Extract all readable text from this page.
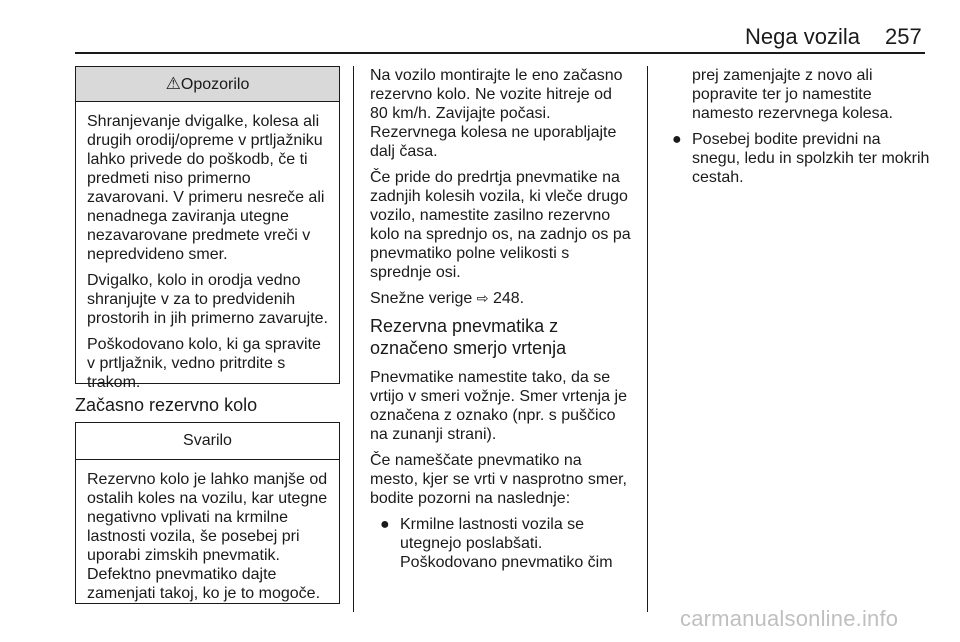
Nega vozila 257
⚠Opozorilo

Shranjevanje dvigalke, kolesa ali drugih orodij/opreme v prtljažniku lahko privede do poškodb, če ti predmeti niso primerno zavarovani. V primeru nesreče ali nenadnega zaviranja utegne nezavarovane predmete vreči v nepredvideno smer.

Dvigalko, kolo in orodja vedno shranjujte v za to predvidenih prostorih in jih primerno zavarujte.

Poškodovano kolo, ki ga spravite v prtljažnik, vedno pritrdite s trakom.

Začasno rezervno kolo
Svarilo

Rezervno kolo je lahko manjše od ostalih koles na vozilu, kar utegne negativno vplivati na krmilne lastnosti vozila, še posebej pri uporabi zimskih pnevmatik. Defektno pnevmatiko dajte zamenjati takoj, ko je to mogoče.

Na vozilo montirajte le eno začasno rezervno kolo. Ne vozite hitreje od 80 km/h. Zavijajte počasi. Rezervnega kolesa ne uporabljajte dalj časa.

Če pride do predrtja pnevmatike na zadnjih kolesih vozila, ki vleče drugo vozilo, namestite zasilno rezervno kolo na sprednjo os, na zadnjo os pa pnevmatiko polne velikosti s sprednje osi.

Snežne verige ⇨ 248.

Rezervna pnevmatika z označeno smerjo vrtenja

Pnevmatike namestite tako, da se vrtijo v smeri vožnje. Smer vrtenja je označena z oznako (npr. s puščico na zunanji strani).

Če nameščate pnevmatiko na mesto, kjer se vrti v nasprotno smer, bodite pozorni na naslednje:

● Krmilne lastnosti vozila se utegnejo poslabšati. Poškodovano pnevmatiko čim
prej zamenjajte z novo ali popravite ter jo namestite namesto rezervnega kolesa.
● Posebej bodite previdni na snegu, ledu in spolzkih ter mokrih cestah.
carmanualsonline.info
